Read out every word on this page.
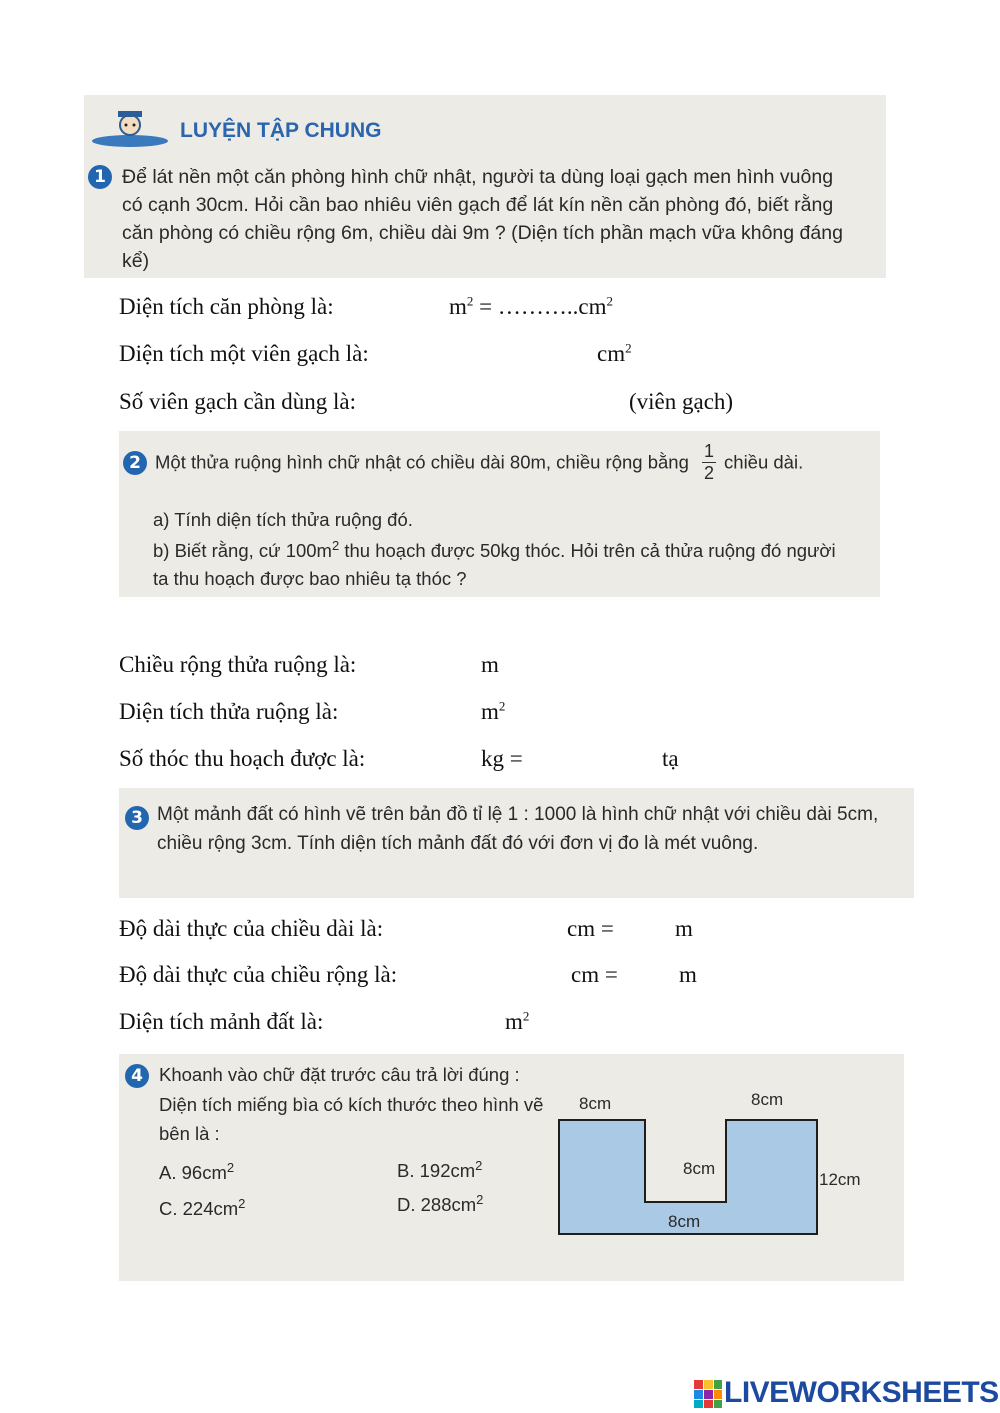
LUYỆN TẬP CHUNG
1 Để lát nền một căn phòng hình chữ nhật, người ta dùng loại gạch men hình vuông có cạnh 30cm. Hỏi cần bao nhiêu viên gạch để lát kín nền căn phòng đó, biết rằng căn phòng có chiều rộng 6m, chiều dài 9m ? (Diện tích phần mạch vữa không đáng kể)

Diện tích căn phòng là:	$m^2$ = $\dots\dots\dots..cm^2$
Diện tích một viên gạch là:	$cm^2$
Số viên gạch cần dùng là:	(viên gạch)
2 Một thửa ruộng hình chữ nhật có chiều dài 80m, chiều rộng bằng $\frac{1}{2}$ chiều dài.

a) Tính diện tích thửa ruộng đó.

b) Biết rằng, cứ $100m^2$ thu hoạch được 50kg thóc. Hỏi trên cả thửa ruộng đó người ta thu hoạch được bao nhiêu tạ thóc ?

Chiều rộng thửa ruộng là:	m
Diện tích thửa ruộng là:	$m^2$
Số thóc thu hoạch được là:	kg =	tạ
3 Một mảnh đất có hình vẽ trên bản đồ tỉ lệ 1 : 1000 là hình chữ nhật với chiều dài 5cm, chiều rộng 3cm. Tính diện tích mảnh đất đó với đơn vị đo là mét vuông.

Độ dài thực của chiều dài là:	cm =	m
Độ dài thực của chiều rộng là:	cm =	m
Diện tích mảnh đất là:	$m^2$
4 Khoanh vào chữ đặt trước câu trả lời đúng :

Diện tích miếng bìa có kích thước theo hình vẽ bên là :

A. $96cm^2$	B. $192cm^2$

C. $224cm^2$	D. $288cm^2$

8cm	8cm
8cm
12cm
8cm
LIVEWORKSHEETS
